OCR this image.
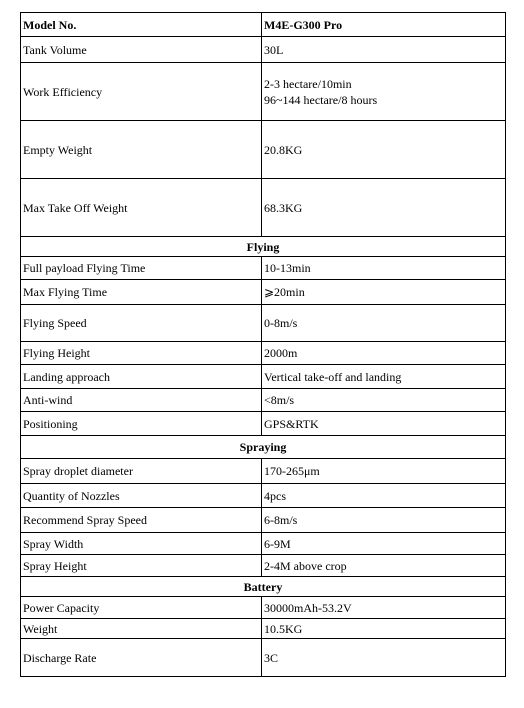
Model No.	M4E-G300 Pro
Tank Volume	30L
Work Efficiency	2-3 hectare/10min
96~144 hectare/8 hours

Empty Weight	20.8KG
Max Take Off Weight	68.3KG
Flying	
Full payload Flying Time	10-13min
Max Flying Time	⩾20min
Flying Speed	0-8m/s
Flying Height	2000m
Landing approach	Vertical take-off and landing
Anti-wind	<8m/s
Positioning	GPS&RTK
Spraying	
Spray droplet diameter	170-265μm
Quantity of Nozzles	4pcs
Recommend Spray Speed	6-8m/s
Spray Width	6-9M
Spray Height	2-4M above crop
Battery	
Power Capacity	30000mAh-53.2V
Weight	10.5KG
Discharge Rate	3C
